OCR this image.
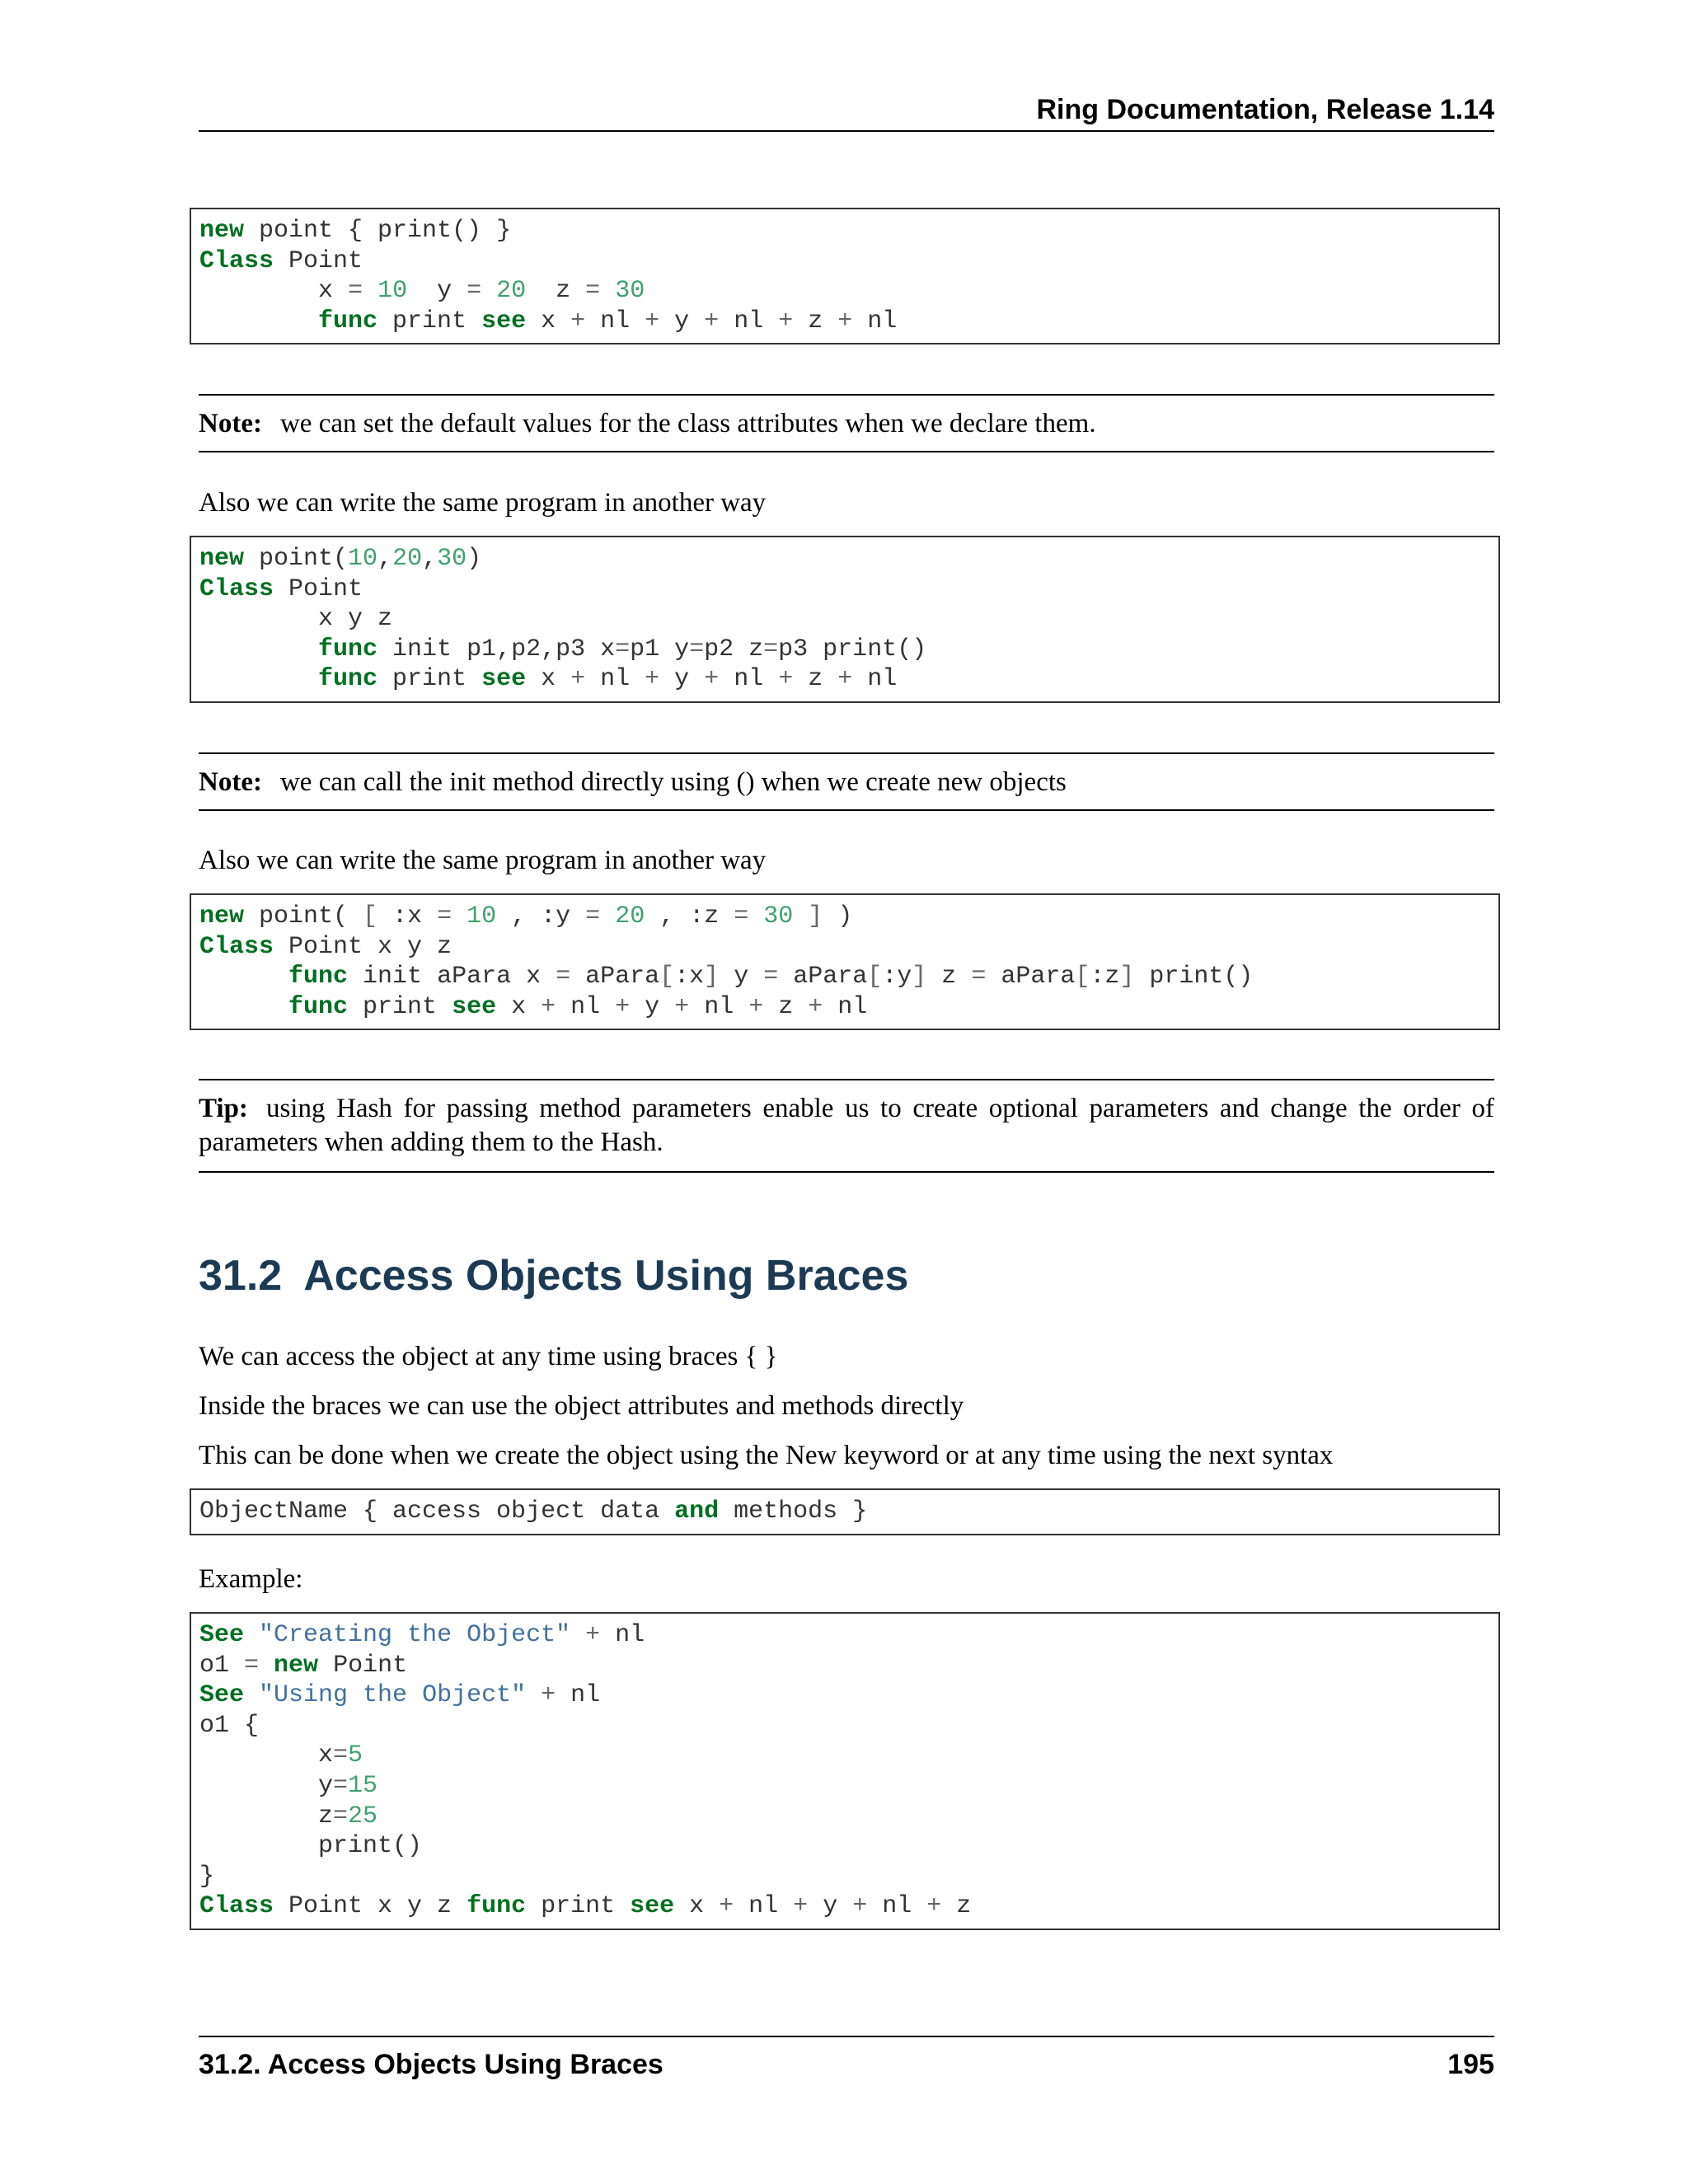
Ring Documentation, Release 1.14
new point { print() }
Class Point
x = 10  y = 20  z = 30
func print see x + nl + y + nl + z + nl
Note: we can set the default values for the class attributes when we declare them.
Also we can write the same program in another way
new point(10,20,30)
Class Point
x y z
func init p1,p2,p3 x=p1 y=p2 z=p3 print()
func print see x + nl + y + nl + z + nl
Note: we can call the init method directly using () when we create new objects
Also we can write the same program in another way
new point( [ :x = 10 , :y = 20 , :z = 30 ] )
Class Point x y z
func init aPara x = aPara[:x] y = aPara[:y] z = aPara[:z] print()
func print see x + nl + y + nl + z + nl
Tip: using Hash for passing method parameters enable us to create optional parameters and change the order of parameters when adding them to the Hash.
31.2 Access Objects Using Braces
We can access the object at any time using braces { }
Inside the braces we can use the object attributes and methods directly
This can be done when we create the object using the New keyword or at any time using the next syntax
ObjectName { access object data and methods }
Example:
See "Creating the Object" + nl
o1 = new Point
See "Using the Object" + nl
o1 {
x=5
y=15
z=25
print()
}
Class Point x y z func print see x + nl + y + nl + z
31.2. Access Objects Using Braces	195
